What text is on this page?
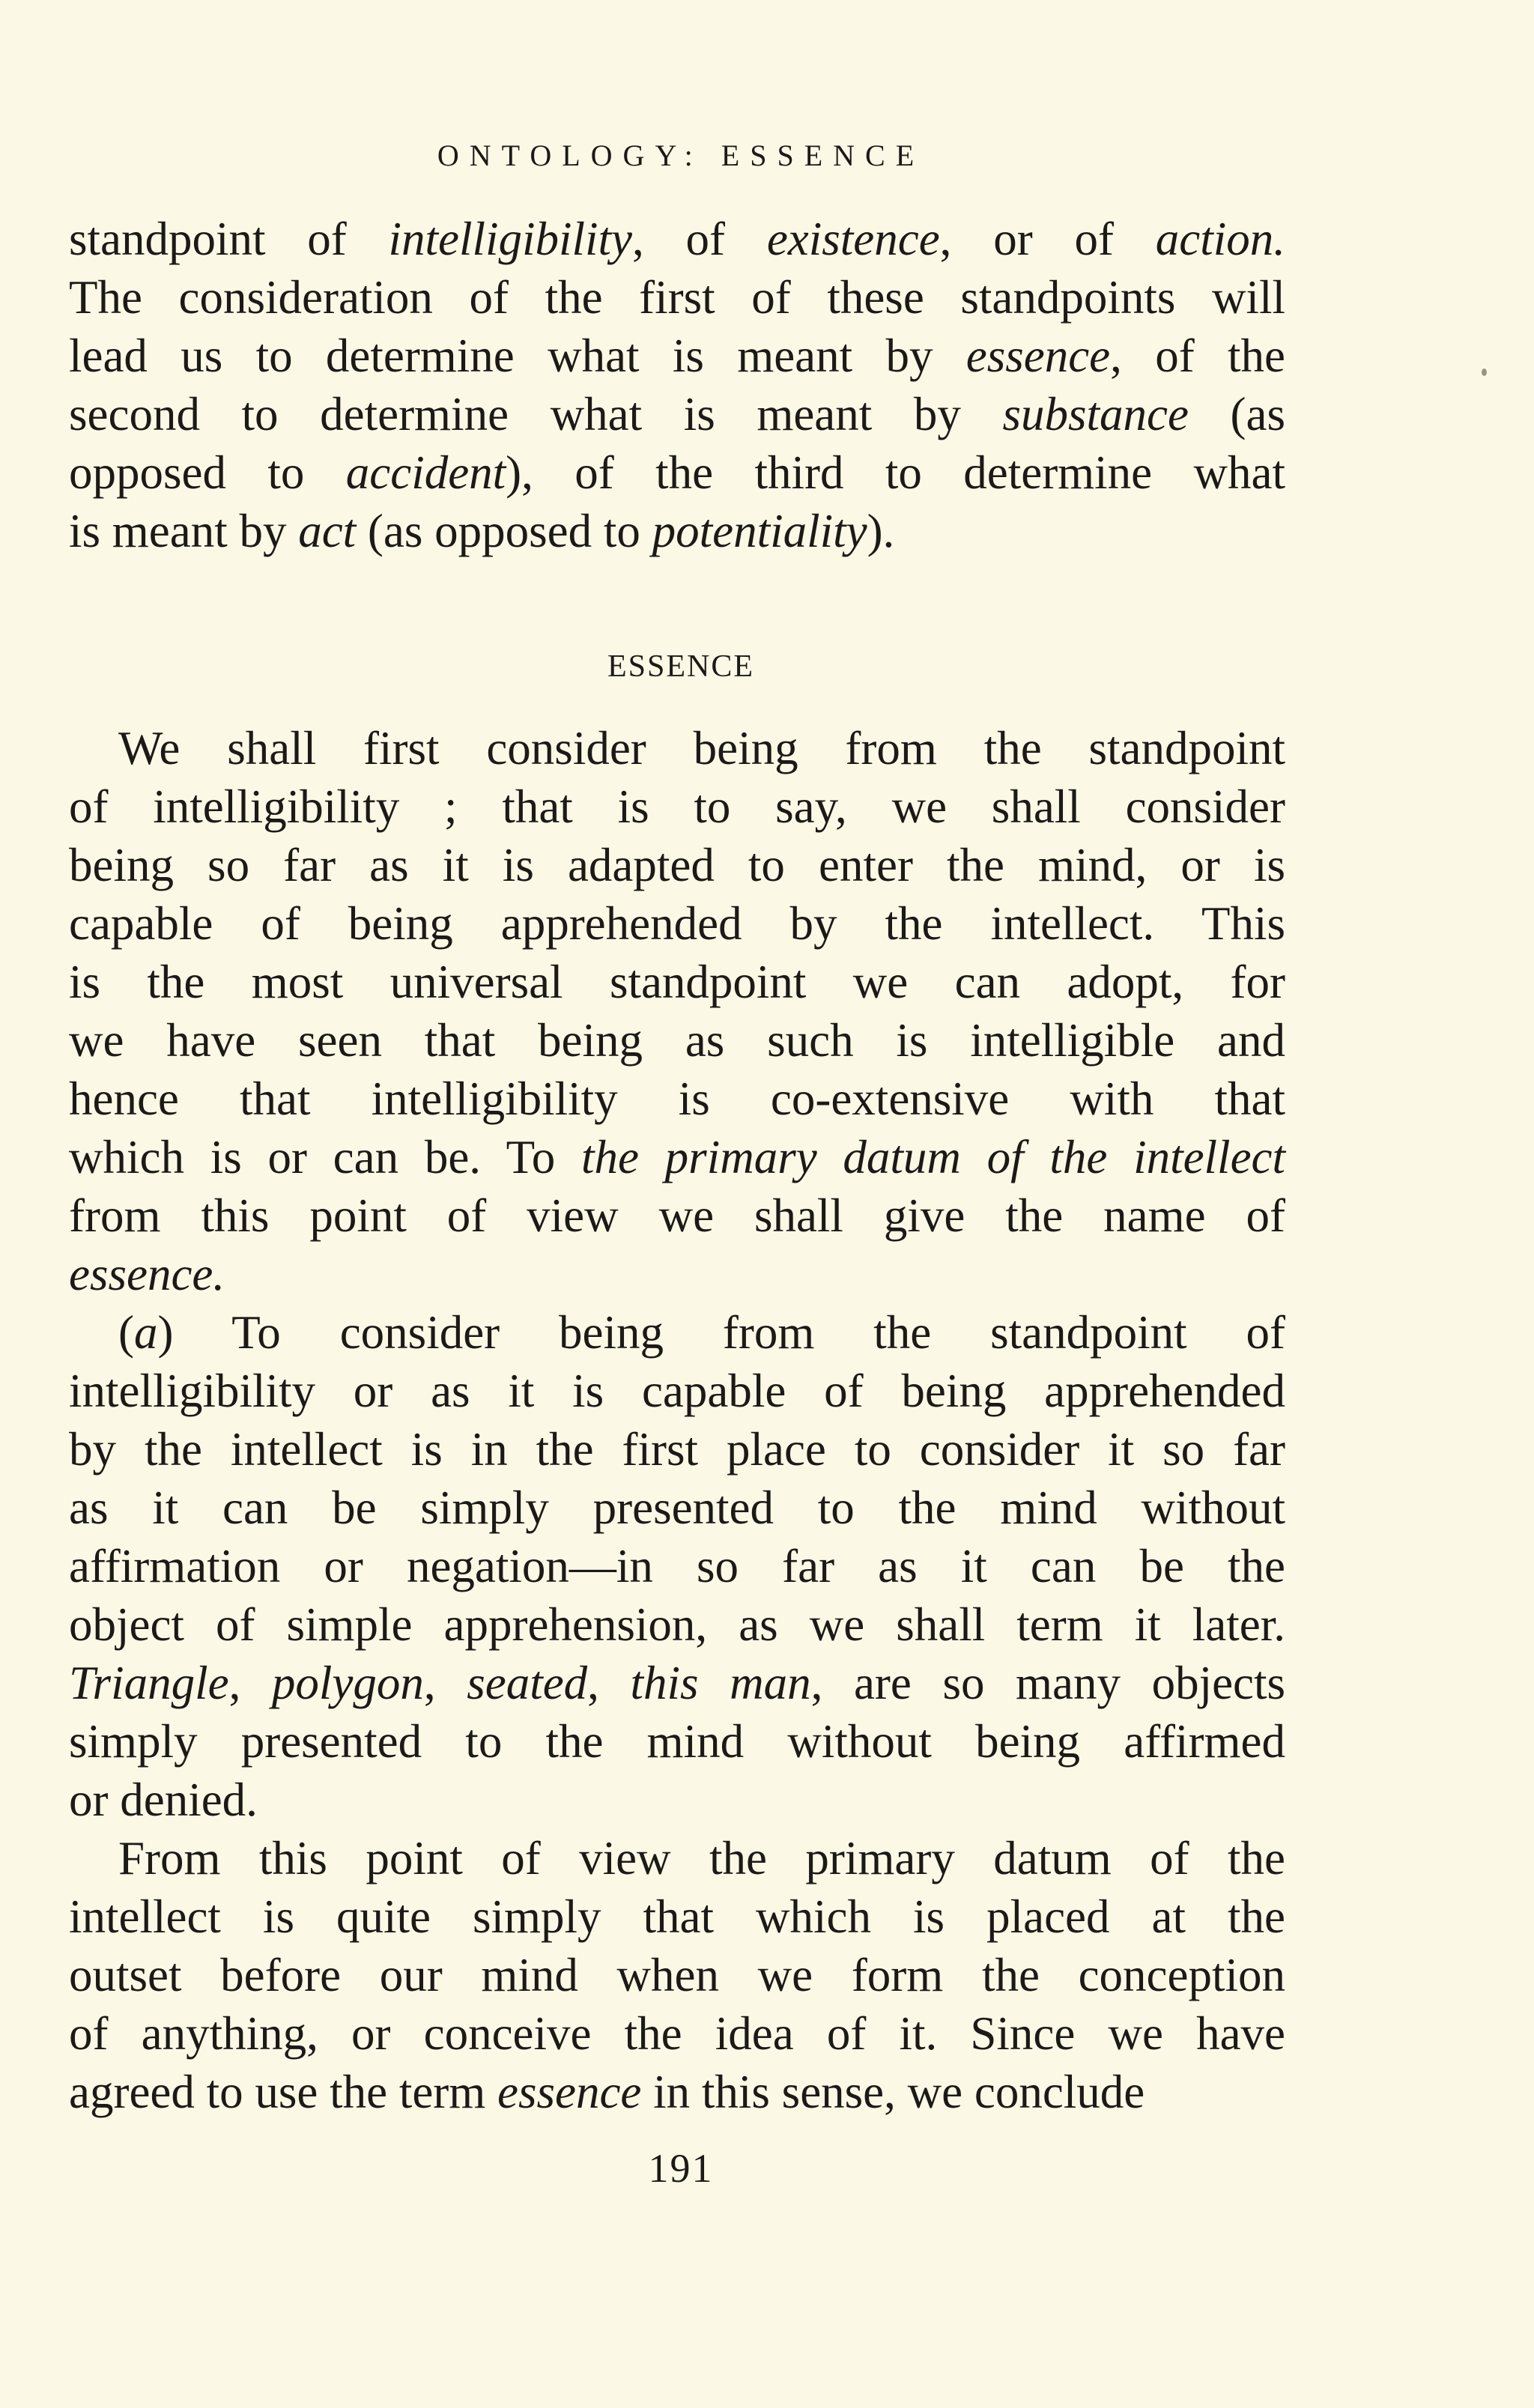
ONTOLOGY: ESSENCE
standpoint of intelligibility, of existence, or of action.
The consideration of the first of these standpoints will
lead us to determine what is meant by essence, of the
second to determine what is meant by substance (as
opposed to accident), of the third to determine what
is meant by act (as opposed to potentiality).
ESSENCE
We shall first consider being from the standpoint
of intelligibility ; that is to say, we shall consider
being so far as it is adapted to enter the mind, or is
capable of being apprehended by the intellect. This
is the most universal standpoint we can adopt, for
we have seen that being as such is intelligible and
hence that intelligibility is co-extensive with that
which is or can be. To the primary datum of the intellect
from this point of view we shall give the name of
essence.
(a) To consider being from the standpoint of
intelligibility or as it is capable of being apprehended
by the intellect is in the first place to consider it so far
as it can be simply presented to the mind without
affirmation or negation—in so far as it can be the
object of simple apprehension, as we shall term it later.
Triangle, polygon, seated, this man, are so many objects
simply presented to the mind without being affirmed
or denied.
From this point of view the primary datum of the
intellect is quite simply that which is placed at the
outset before our mind when we form the conception
of anything, or conceive the idea of it. Since we have
agreed to use the term essence in this sense, we conclude
191
